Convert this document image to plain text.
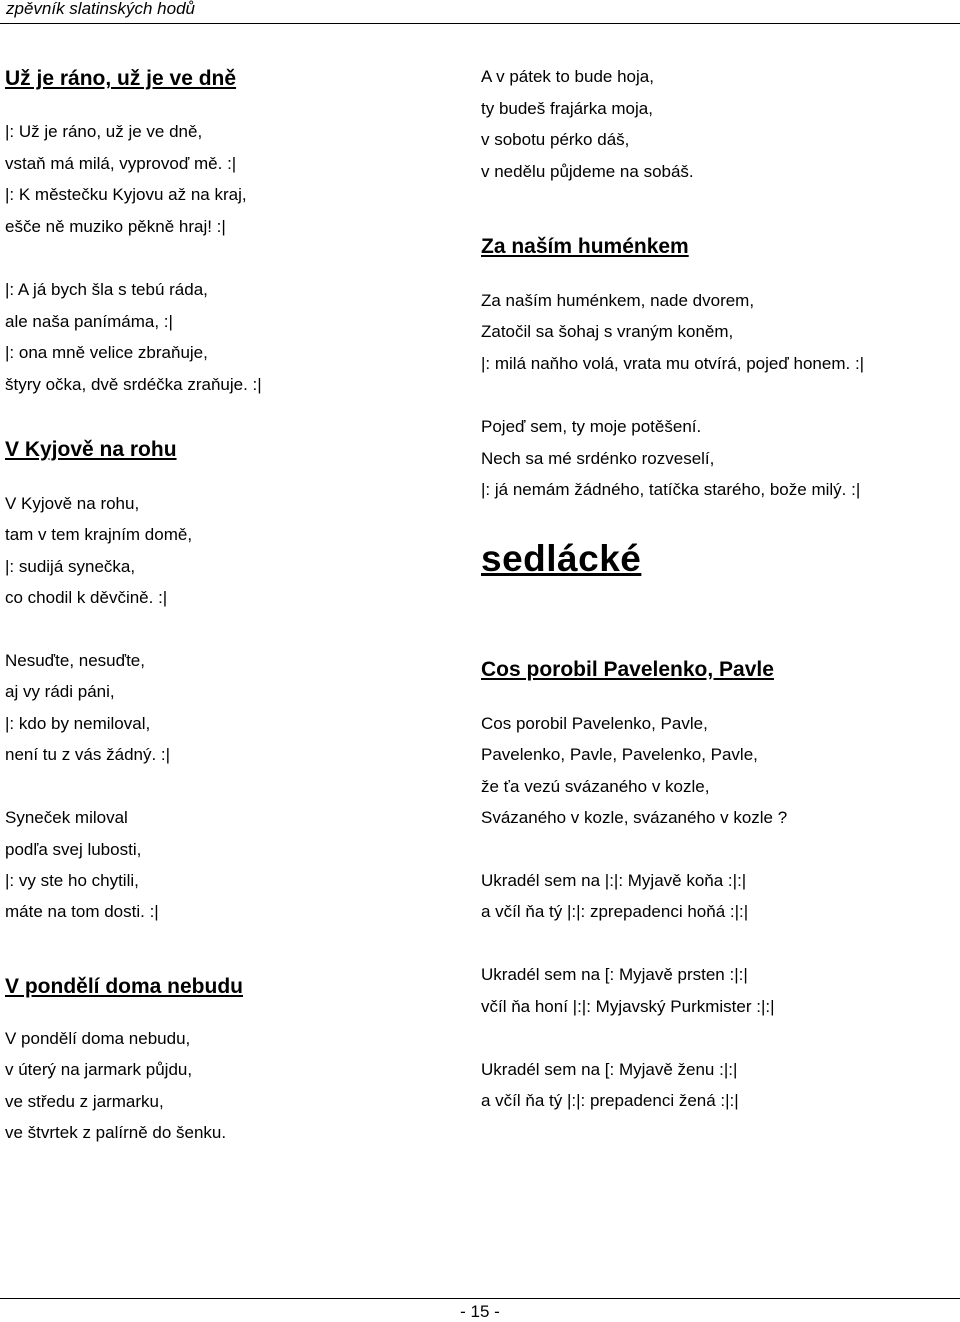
zpěvník slatinských hodů
Už je ráno, už je ve dně
|: Už je ráno, už je ve dně,
vstaň má milá, vyprovoď mě. :|
|: K městečku Kyjovu až na kraj,
ešče ně muziko pěkně hraj! :|
|: A já bych šla s tebú ráda,
ale naša panímáma, :|
|: ona mně velice zbraňuje,
štyry očka, dvě srdéčka zraňuje. :|
V Kyjově na rohu
V Kyjově na rohu,
tam v tem krajním domě,
|: sudijá synečka,
co chodil k děvčině. :|
Nesuďte, nesuďte,
aj vy rádi páni,
|: kdo by nemiloval,
není tu z vás žádný. :|
Syneček miloval
podľa svej lubosti,
|: vy ste ho chytili,
máte na tom dosti. :|
V pondělí doma nebudu
V pondělí doma nebudu,
v úterý na jarmark půjdu,
ve středu z jarmarku,
ve štvrtek z palírně do šenku.
A v pátek to bude hoja,
ty budeš frajárka moja,
v sobotu pérko dáš,
v nedělu půjdeme na sobáš.
Za naším huménkem
Za naším huménkem, nade dvorem,
Zatočil sa šohaj s vraným koněm,
|: milá naňho volá, vrata mu otvírá, pojeď honem. :|
Pojeď sem, ty moje potěšení.
Nech sa mé srdénko rozveselí,
|: já nemám žádného, tatíčka starého, bože milý. :|
sedlácké
Cos porobil Pavelenko, Pavle
Cos porobil Pavelenko, Pavle,
Pavelenko, Pavle, Pavelenko, Pavle,
že ťa vezú svázaného v kozle,
Svázaného v kozle, svázaného v kozle ?
Ukradél sem na |:|: Myjavě koňa :|:|
a včíl ňa tý |:|: zprepadenci hoňá :|:|
Ukradél sem na [: Myjavě prsten :|:|
včíl ňa honí |:|: Myjavský Purkmister :|:|
Ukradél sem na [: Myjavě ženu :|:|
a včíl ňa tý |:|: prepadenci žená :|:|
- 15 -
